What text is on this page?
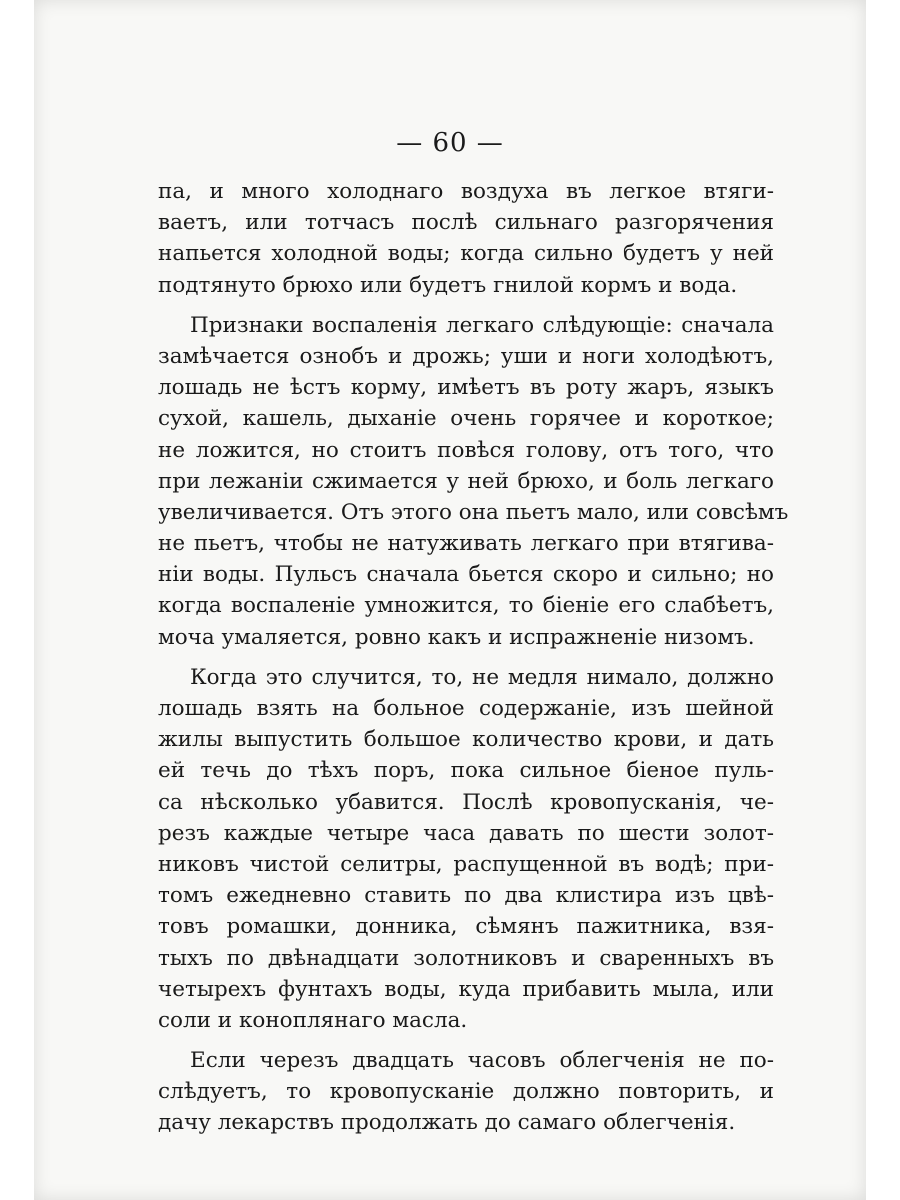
— 60 —
па, и много холоднаго воздуха въ легкое втяги-
ваетъ, или тотчасъ послѣ сильнаго разгорячения
напьется холодной воды; когда сильно будетъ у ней
подтянуто брюхо или будетъ гнилой кормъ и вода.
Признаки воспаленія легкаго слѣдующіе: сначала
замѣчается ознобъ и дрожь; уши и ноги холодѣютъ,
лошадь не ѣстъ корму, имѣетъ въ роту жаръ, языкъ
сухой, кашель, дыханіе очень горячее и короткое;
не ложится, но стоитъ повѣся голову, отъ того, что
при лежаніи сжимается у ней брюхо, и боль легкаго
увеличивается. Отъ этого она пьетъ мало, или совсѣмъ
не пьетъ, чтобы не натуживать легкаго при втягива-
ніи воды. Пульсъ сначала бьется скоро и сильно; но
когда воспаленіе умножится, то біеніе его слабѣетъ,
моча умаляется, ровно какъ и испражненіе низомъ.
Когда это случится, то, не медля нимало, должно
лошадь взять на больное содержаніе, изъ шейной
жилы выпустить большое количество крови, и дать
ей течь до тѣхъ поръ, пока сильное біеное пуль-
са нѣсколько убавится. Послѣ кровопусканія, че-
резъ каждые четыре часа давать по шести золот-
никовъ чистой селитры, распущенной въ водѣ; при-
томъ ежедневно ставить по два клистира изъ цвѣ-
товъ ромашки, донника, сѣмянъ пажитника, взя-
тыхъ по двѣнадцати золотниковъ и сваренныхъ въ
четырехъ фунтахъ воды, куда прибавить мыла, или
соли и коноплянаго масла.
Если черезъ двадцать часовъ облегченія не по-
слѣдуетъ, то кровопусканіе должно повторить, и
дачу лекарствъ продолжать до самаго облегченія.
